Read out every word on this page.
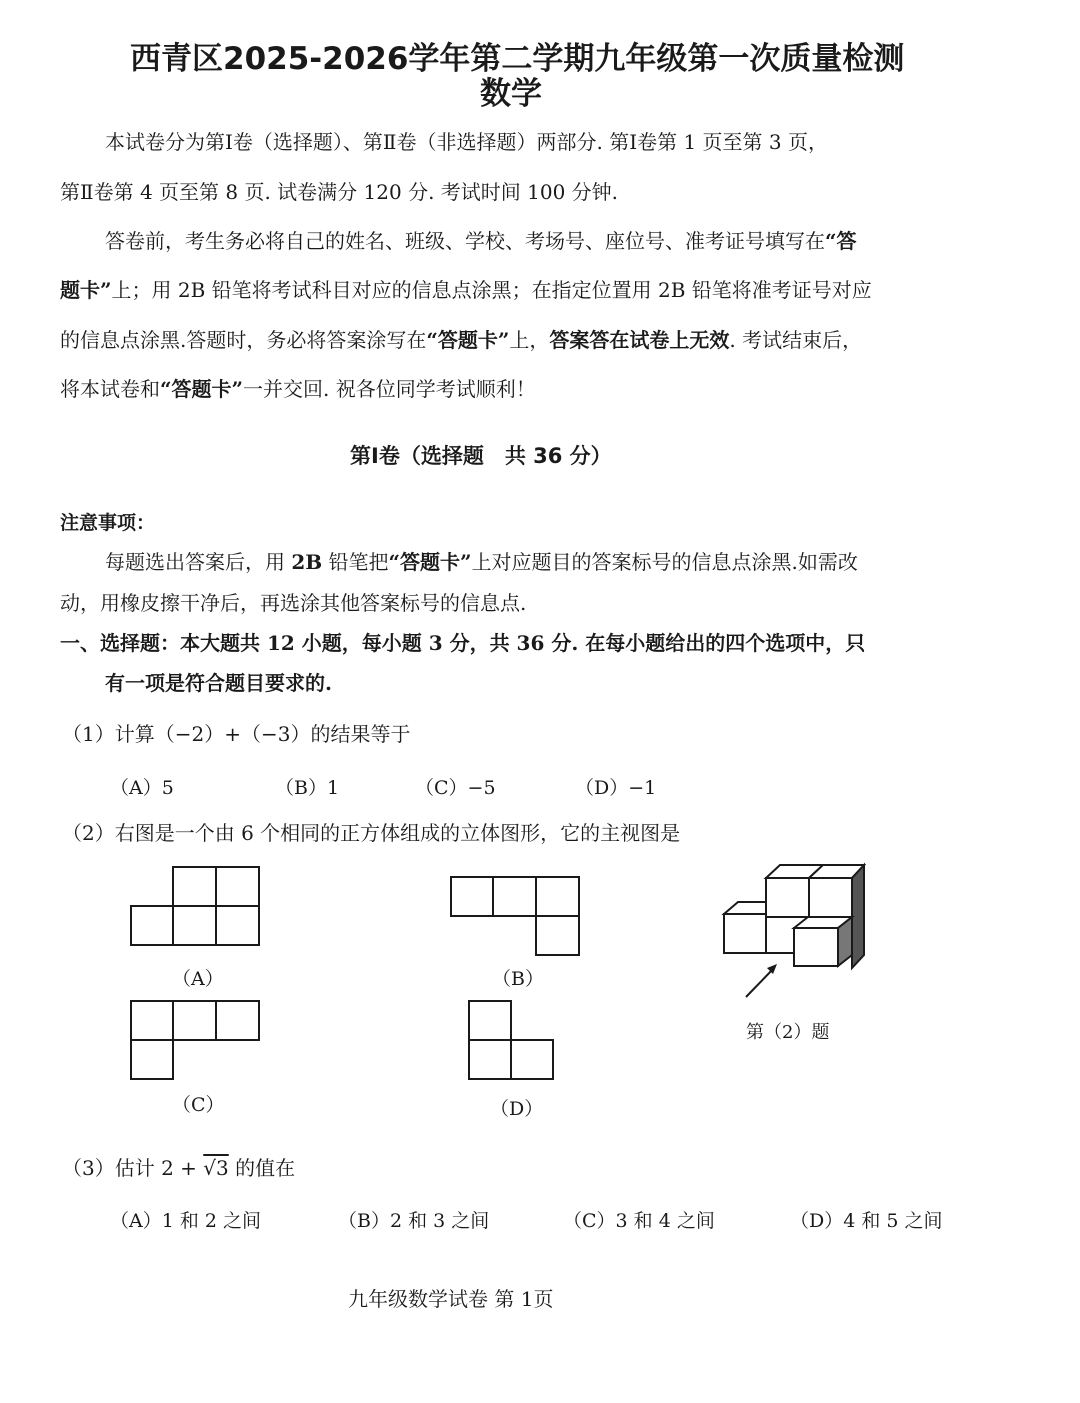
西青区2025-2026学年第二学期九年级第一次质量检测
数学
本试卷分为第Ⅰ卷（选择题）、第Ⅱ卷（非选择题）两部分. 第Ⅰ卷第 1 页至第 3 页，
第Ⅱ卷第 4 页至第 8 页. 试卷满分 120 分. 考试时间 100 分钟.
答卷前，考生务必将自己的姓名、班级、学校、考场号、座位号、准考证号填写在“答
题卡”上；用 2B 铅笔将考试科目对应的信息点涂黑；在指定位置用 2B 铅笔将准考证号对应
的信息点涂黑.答题时，务必将答案涂写在“答题卡”上，答案答在试卷上无效. 考试结束后，
将本试卷和“答题卡”一并交回. 祝各位同学考试顺利！
第Ⅰ卷（选择题　共 36 分）
注意事项：
每题选出答案后，用 2B 铅笔把“答题卡”上对应题目的答案标号的信息点涂黑.如需改
动，用橡皮擦干净后，再选涂其他答案标号的信息点.
一、选择题：本大题共 12 小题，每小题 3 分，共 36 分. 在每小题给出的四个选项中，只
有一项是符合题目要求的.
（1）计算（−2）+（−3）的结果等于
（A）5	（B）1	（C）−5	（D）−1
（2）右图是一个由 6 个相同的正方体组成的立体图形，它的主视图是
（A）	（B）
第（2）题
（C）	（D）
（3）估计 2 + √3 的值在
（A）1 和 2 之间	（B）2 和 3 之间	（C）3 和 4 之间	（D）4 和 5 之间
九年级数学试卷 第 1页
